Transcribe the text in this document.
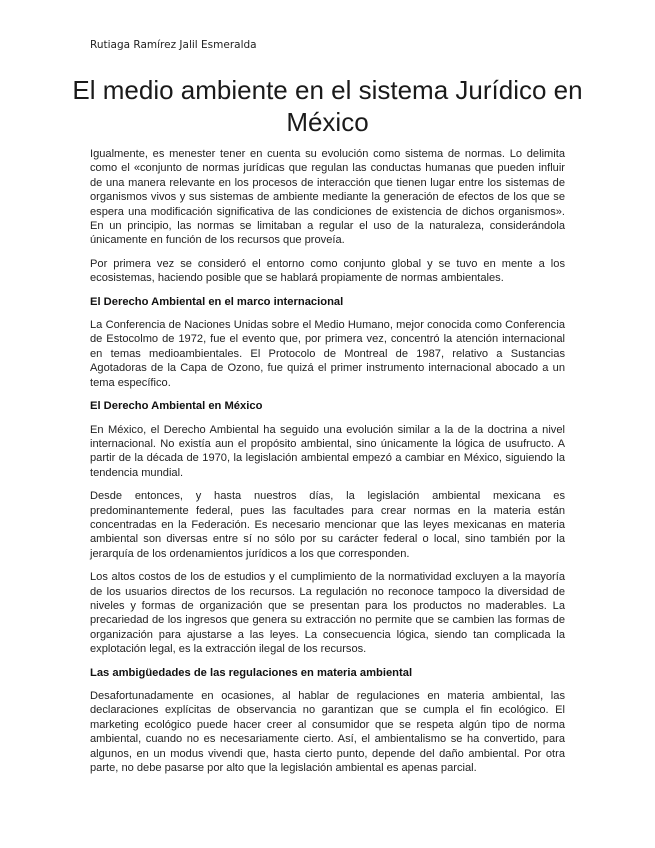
Rutiaga Ramírez Jalil Esmeralda
El medio ambiente en el sistema Jurídico en México

Igualmente, es menester tener en cuenta su evolución como sistema de normas. Lo delimita como el «conjunto de normas jurídicas que regulan las conductas humanas que pueden influir de una manera relevante en los procesos de interacción que tienen lugar entre los sistemas de organismos vivos y sus sistemas de ambiente mediante la generación de efectos de los que se espera una modificación significativa de las condiciones de existencia de dichos organismos». En un principio, las normas se limitaban a regular el uso de la naturaleza, considerándola únicamente en función de los recursos que proveía.

Por primera vez se consideró el entorno como conjunto global y se tuvo en mente a los ecosistemas, haciendo posible que se hablará propiamente de normas ambientales.

El Derecho Ambiental en el marco internacional

La Conferencia de Naciones Unidas sobre el Medio Humano, mejor conocida como Conferencia de Estocolmo de 1972, fue el evento que, por primera vez, concentró la atención internacional en temas medioambientales. El Protocolo de Montreal de 1987, relativo a Sustancias Agotadoras de la Capa de Ozono, fue quizá el primer instrumento internacional abocado a un tema específico.

El Derecho Ambiental en México

En México, el Derecho Ambiental ha seguido una evolución similar a la de la doctrina a nivel internacional. No existía aun el propósito ambiental, sino únicamente la lógica de usufructo. A partir de la década de 1970, la legislación ambiental empezó a cambiar en México, siguiendo la tendencia mundial.

Desde entonces, y hasta nuestros días, la legislación ambiental mexicana es predominantemente federal, pues las facultades para crear normas en la materia están concentradas en la Federación. Es necesario mencionar que las leyes mexicanas en materia ambiental son diversas entre sí no sólo por su carácter federal o local, sino también por la jerarquía de los ordenamientos jurídicos a los que corresponden.

Los altos costos de los de estudios y el cumplimiento de la normatividad excluyen a la mayoría de los usuarios directos de los recursos. La regulación no reconoce tampoco la diversidad de niveles y formas de organización que se presentan para los productos no maderables. La precariedad de los ingresos que genera su extracción no permite que se cambien las formas de organización para ajustarse a las leyes. La consecuencia lógica, siendo tan complicada la explotación legal, es la extracción ilegal de los recursos.

Las ambigüedades de las regulaciones en materia ambiental

Desafortunadamente en ocasiones, al hablar de regulaciones en materia ambiental, las declaraciones explícitas de observancia no garantizan que se cumpla el fin ecológico. El marketing ecológico puede hacer creer al consumidor que se respeta algún tipo de norma ambiental, cuando no es necesariamente cierto. Así, el ambientalismo se ha convertido, para algunos, en un modus vivendi que, hasta cierto punto, depende del daño ambiental. Por otra parte, no debe pasarse por alto que la legislación ambiental es apenas parcial.
